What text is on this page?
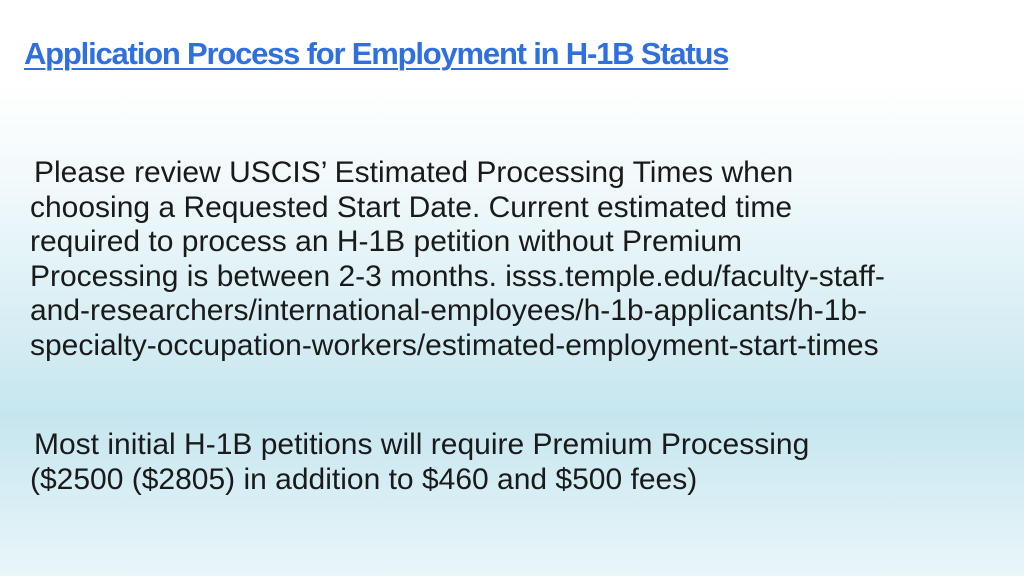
Application Process for Employment in H-1B Status

Please review USCIS’ Estimated Processing Times when
choosing a Requested Start Date. Current estimated time
required to process an H-1B petition without Premium
Processing is between 2-3 months. isss.temple.edu/faculty-staff-
and-researchers/international-employees/h-1b-applicants/h-1b-
specialty-occupation-workers/estimated-employment-start-times

Most initial H-1B petitions will require Premium Processing
($2500 ($2805) in addition to $460 and $500 fees)
